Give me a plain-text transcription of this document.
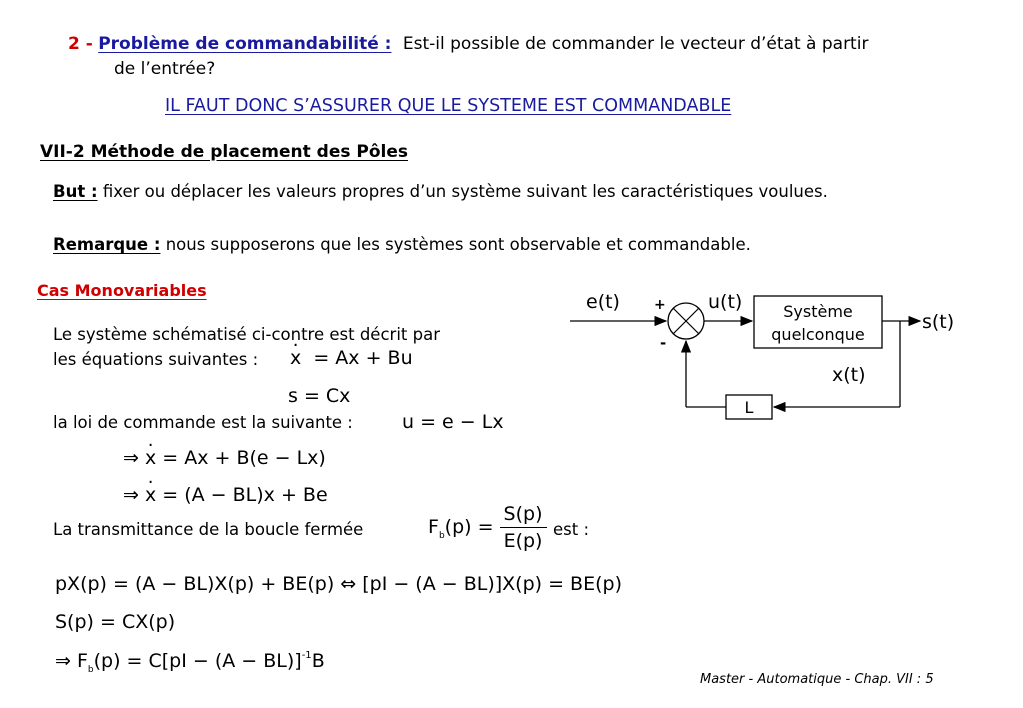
2 - Problème de commandabilité : Est-il possible de commander le vecteur d’état à partir
de l’entrée?
IL FAUT DONC S’ASSURER QUE LE SYSTEME EST COMMANDABLE
VII-2 Méthode de placement des Pôles
But : fixer ou déplacer les valeurs propres d’un système suivant les caractéristiques voulues.
Remarque : nous supposerons que les systèmes sont observable et commandable.
Cas Monovariables
Le système schématisé ci-contre est décrit par
les équations suivantes :
· x  = Ax + Bu
s = Cx
la loi de commande est la suivante :	u = e − Lx
⇒ · x = Ax + B(e − Lx)
⇒ · x = (A − BL)x + Be
La transmittance de la boucle fermée	$F_b(p) = \frac{S(p)}{E(p)}$ est :
pX(p) = (A − BL)X(p) + BE(p) ⇔ [pI − (A − BL)]X(p) = BE(p)
S(p) = CX(p)
⇒ $F_b(p) = C[pI - (A - BL)]^{-1}B$
e(t) +
-
u(t)	Système
quelconque
s(t)
x(t)
L
Master - Automatique - Chap. VII : 5
